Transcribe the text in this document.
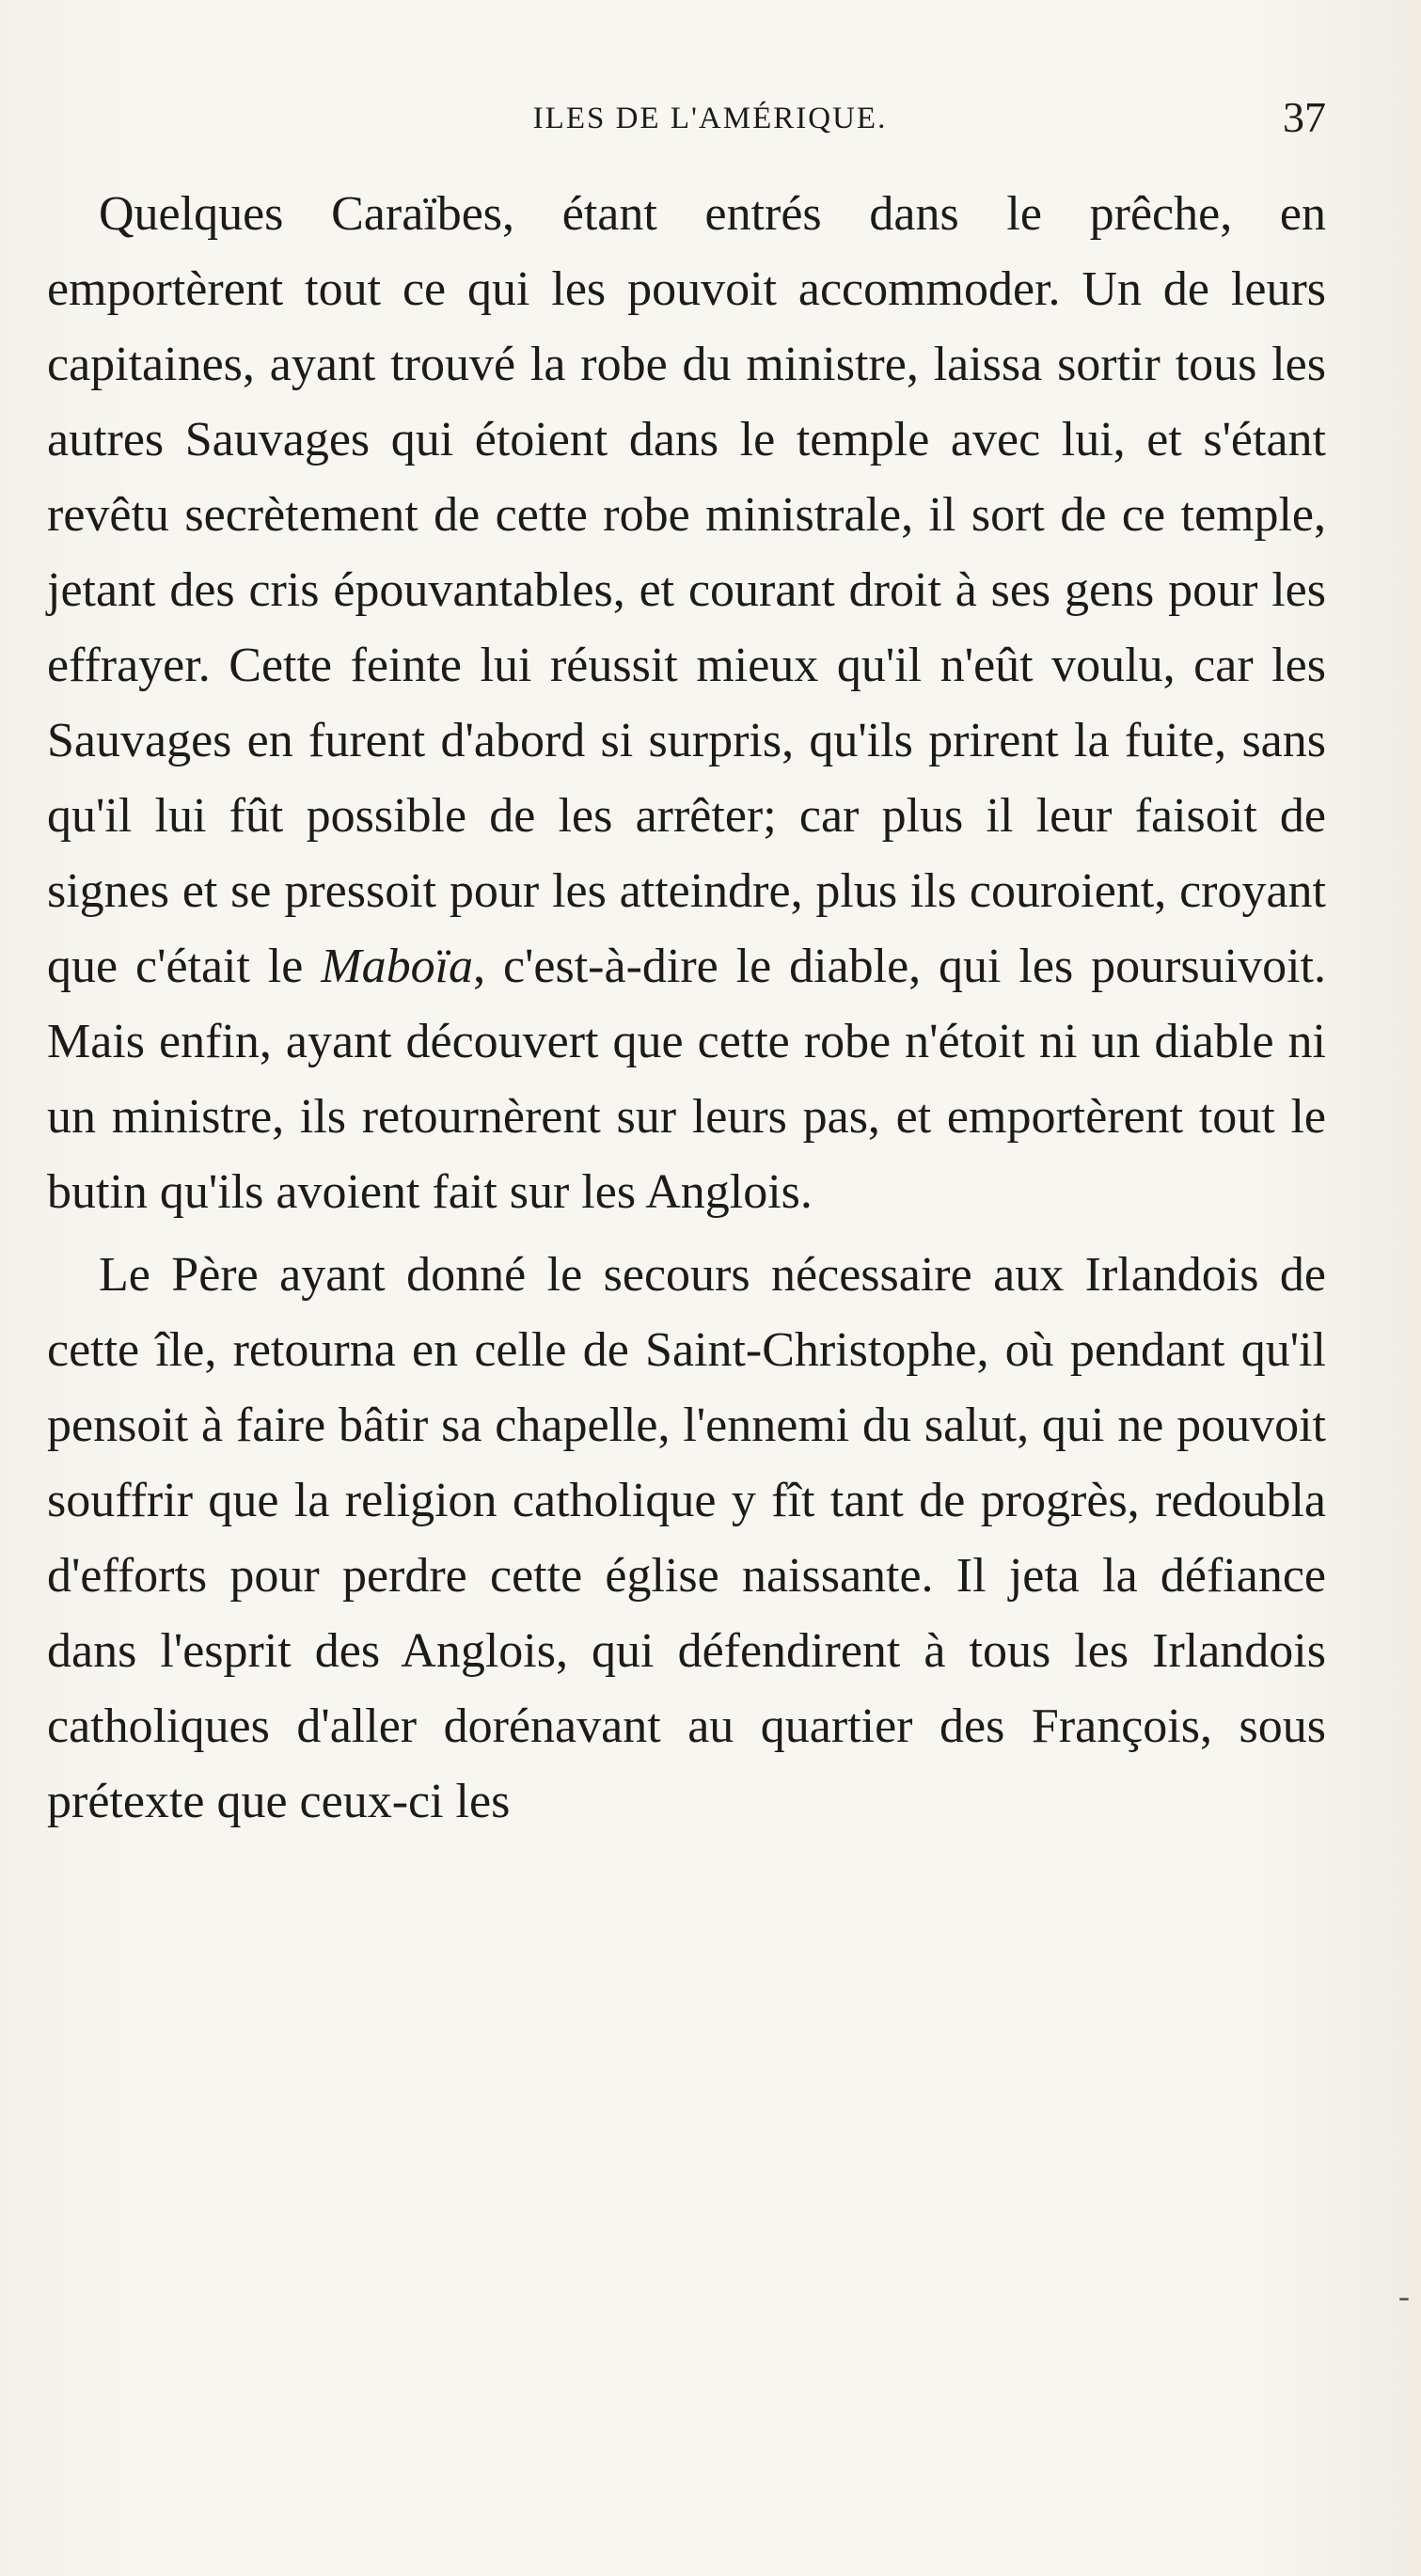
ILES DE L'AMÉRIQUE.	37

Quelques Caraïbes, étant entrés dans le prêche, en emportèrent tout ce qui les pouvoit accommoder. Un de leurs capitaines, ayant trouvé la robe du ministre, laissa sortir tous les autres Sauvages qui étoient dans le temple avec lui, et s'étant revêtu secrètement de cette robe ministrale, il sort de ce temple, jetant des cris épouvantables, et courant droit à ses gens pour les effrayer. Cette feinte lui réussit mieux qu'il n'eût voulu, car les Sauvages en furent d'abord si surpris, qu'ils prirent la fuite, sans qu'il lui fût possible de les arrêter; car plus il leur faisoit de signes et se pressoit pour les atteindre, plus ils couroient, croyant que c'était le Maboïa, c'est-à-dire le diable, qui les poursuivoit. Mais enfin, ayant découvert que cette robe n'étoit ni un diable ni un ministre, ils retournèrent sur leurs pas, et emportèrent tout le butin qu'ils avoient fait sur les Anglois.

Le Père ayant donné le secours nécessaire aux Irlandois de cette île, retourna en celle de Saint-Christophe, où pendant qu'il pensoit à faire bâtir sa chapelle, l'ennemi du salut, qui ne pouvoit souffrir que la religion catholique y fît tant de progrès, redoubla d'efforts pour perdre cette église naissante. Il jeta la défiance dans l'esprit des Anglois, qui défendirent à tous les Irlandois catholiques d'aller dorénavant au quartier des François, sous prétexte que ceux-ci les

-
